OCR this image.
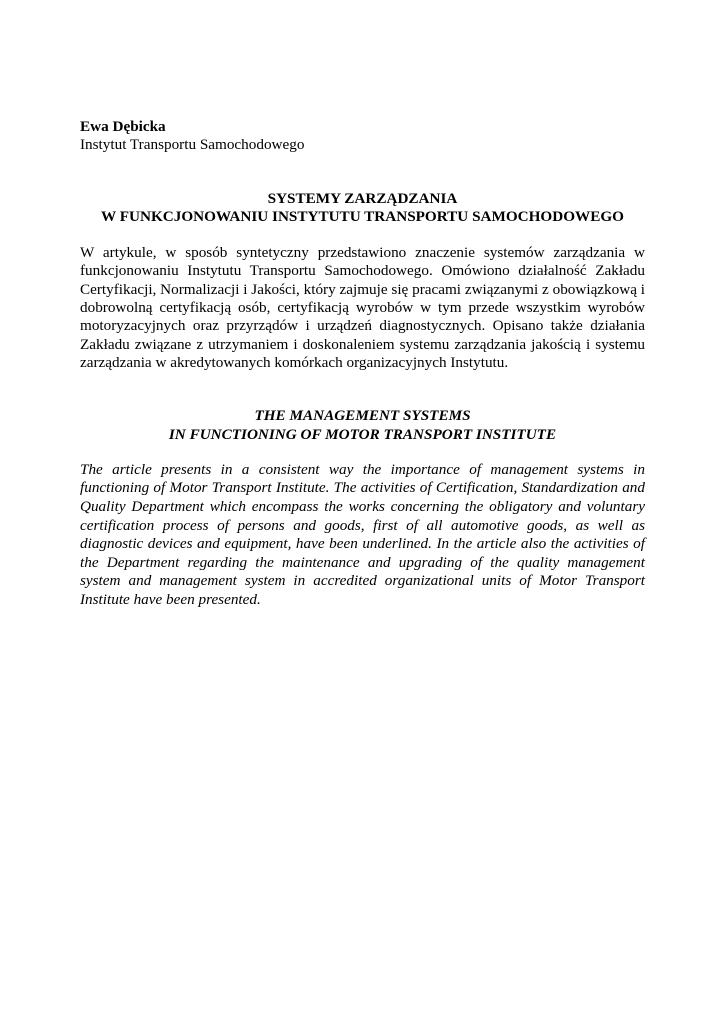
Ewa Dębicka

Instytut Transportu Samochodowego

SYSTEMY ZARZĄDZANIA
W FUNKCJONOWANIU INSTYTUTU TRANSPORTU SAMOCHODOWEGO

W artykule, w sposób syntetyczny przedstawiono znaczenie systemów zarządzania w funkcjonowaniu Instytutu Transportu Samochodowego. Omówiono działalność Zakładu Certyfikacji, Normalizacji i Jakości, który zajmuje się pracami związanymi z obowiązkową i dobrowolną certyfikacją osób, certyfikacją wyrobów w tym przede wszystkim wyrobów motoryzacyjnych oraz przyrządów i urządzeń diagnostycznych. Opisano także działania Zakładu związane z utrzymaniem i doskonaleniem systemu zarządzania jakością i systemu zarządzania w akredytowanych komórkach organizacyjnych Instytutu.

THE MANAGEMENT SYSTEMS
IN FUNCTIONING OF MOTOR TRANSPORT INSTITUTE

The article presents in a consistent way the importance of management systems in functioning of Motor Transport Institute. The activities of Certification, Standardization and Quality Department which encompass the works concerning the obligatory and voluntary certification process of persons and goods, first of all automotive goods, as well as diagnostic devices and equipment, have been underlined. In the article also the activities of the Department regarding the maintenance and upgrading of the quality management system and management system in accredited organizational units of Motor Transport Institute have been presented.
